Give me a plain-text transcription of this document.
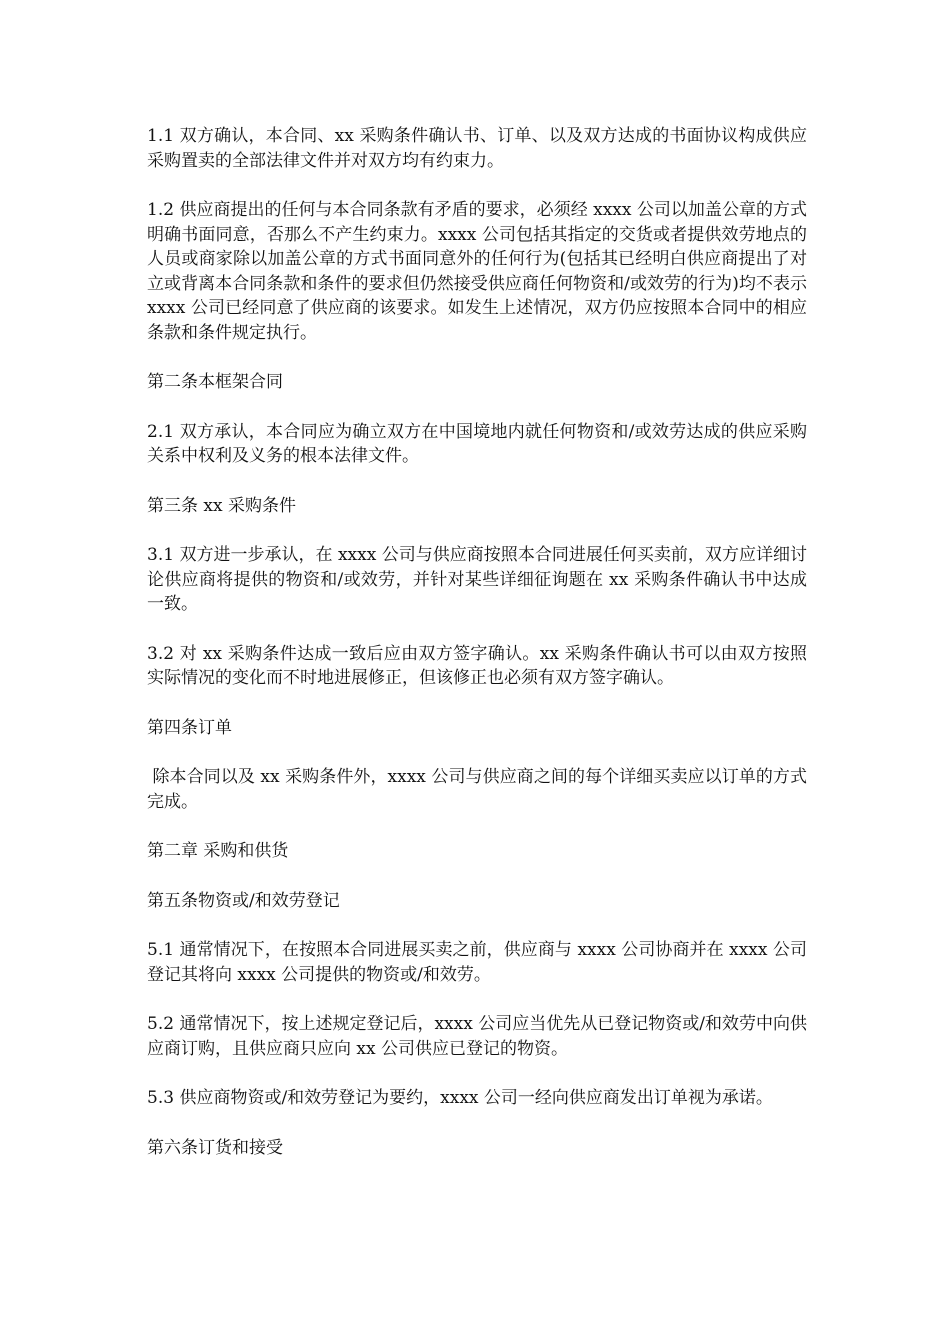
1.1 双方确认，本合同、xx 采购条件确认书、订单、以及双方达成的书面协议构成供应采购置卖的全部法律文件并对双方均有约束力。

1.2 供应商提出的任何与本合同条款有矛盾的要求，必须经 xxxx 公司以加盖公章的方式明确书面同意，否那么不产生约束力。xxxx 公司包括其指定的交货或者提供效劳地点的人员或商家除以加盖公章的方式书面同意外的任何行为(包括其已经明白供应商提出了对立或背离本合同条款和条件的要求但仍然接受供应商任何物资和/或效劳的行为)均不表示 xxxx 公司已经同意了供应商的该要求。如发生上述情况，双方仍应按照本合同中的相应条款和条件规定执行。

第二条本框架合同

2.1 双方承认，本合同应为确立双方在中国境地内就任何物资和/或效劳达成的供应采购关系中权利及义务的根本法律文件。

第三条 xx 采购条件

3.1 双方进一步承认，在 xxxx 公司与供应商按照本合同进展任何买卖前，双方应详细讨论供应商将提供的物资和/或效劳，并针对某些详细征询题在 xx 采购条件确认书中达成一致。

3.2 对 xx 采购条件达成一致后应由双方签字确认。xx 采购条件确认书可以由双方按照实际情况的变化而不时地进展修正，但该修正也必须有双方签字确认。

第四条订单

除本合同以及 xx 采购条件外，xxxx 公司与供应商之间的每个详细买卖应以订单的方式完成。

第二章 采购和供货

第五条物资或/和效劳登记

5.1 通常情况下，在按照本合同进展买卖之前，供应商与 xxxx 公司协商并在 xxxx 公司登记其将向 xxxx 公司提供的物资或/和效劳。

5.2 通常情况下，按上述规定登记后，xxxx 公司应当优先从已登记物资或/和效劳中向供应商订购，且供应商只应向 xx 公司供应已登记的物资。

5.3 供应商物资或/和效劳登记为要约，xxxx 公司一经向供应商发出订单视为承诺。

第六条订货和接受
